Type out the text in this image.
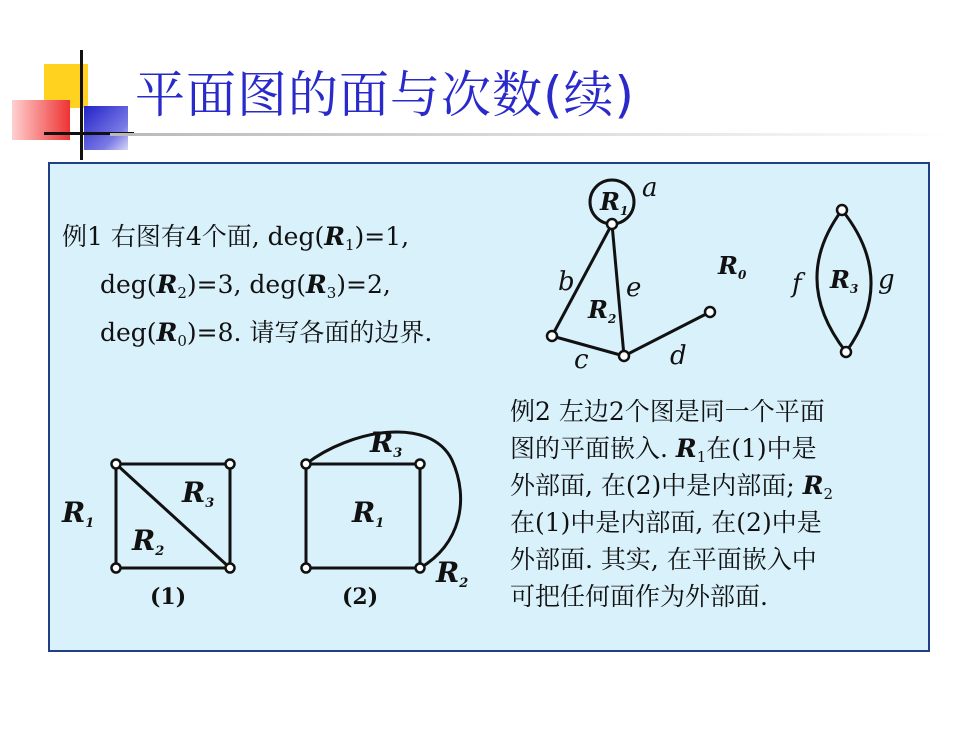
平面图的面与次数(续)
例1 右图有4个面, $deg(R_1)=1$,
$deg(R_2)=3$, $deg(R_3)=2$,
$deg(R_0)=8$. 请写各面的边界.
例2 左边2个图是同一个平面
图的平面嵌入. $R_1$在(1)中是
外部面, 在(2)中是内部面; $R_2$
在(1)中是内部面, 在(2)中是
外部面. 其实, 在平面嵌入中
可把任何面作为外部面.
$R_1$
$R_2$
$R_0$	$R_3$
a
b e
c	d
f	g
R1
R3
R2
R3
R1
R2
(1)	(2)
